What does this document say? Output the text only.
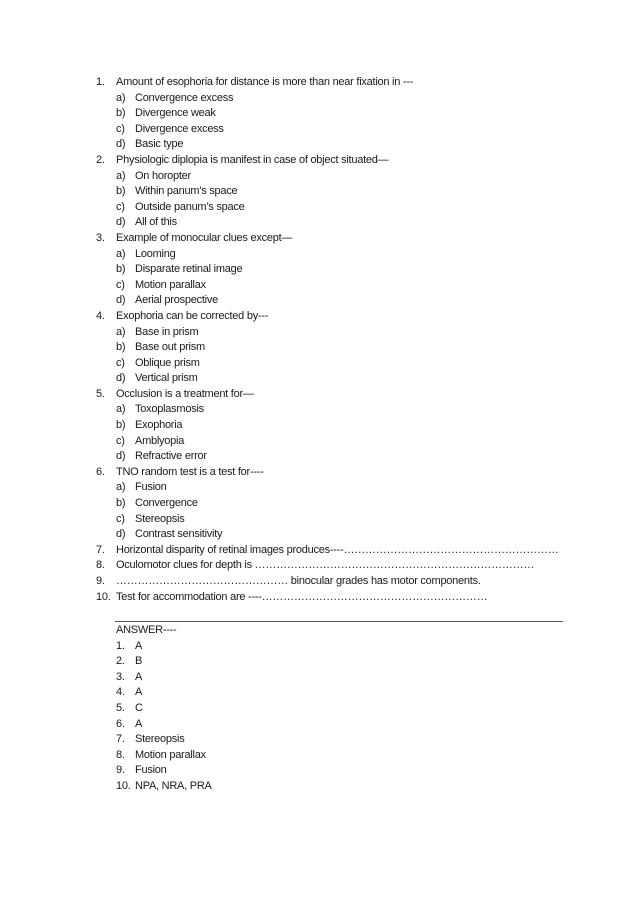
1. Amount of esophoria for distance is more than near fixation in ---
a) Convergence excess
b) Divergence weak
c) Divergence excess
d) Basic type
2. Physiologic diplopia is manifest in case of object situated—
a) On horopter
b) Within panum’s space
c) Outside panum’s space
d) All of this
3. Example of monocular clues except—
a) Looming
b) Disparate retinal image
c) Motion parallax
d) Aerial prospective
4. Exophoria can be corrected by---
a) Base in prism
b) Base out prism
c) Oblique prism
d) Vertical prism
5. Occlusion is a treatment for—
a) Toxoplasmosis
b) Exophoria
c) Amblyopia
d) Refractive error
6. TNO random test is a test for----
a) Fusion
b) Convergence
c) Stereopsis
d) Contrast sensitivity
7. Horizontal disparity of retinal images produces----……………………………………………………
8. Oculomotor clues for depth is ……………………………………………………………………
9. ………………………………………… binocular grades has motor components.
10. Test for accommodation are ----………………………………………………………
ANSWER----
1. A
2. B
3. A
4. A
5. C
6. A
7. Stereopsis
8. Motion parallax
9. Fusion
10. NPA, NRA, PRA
